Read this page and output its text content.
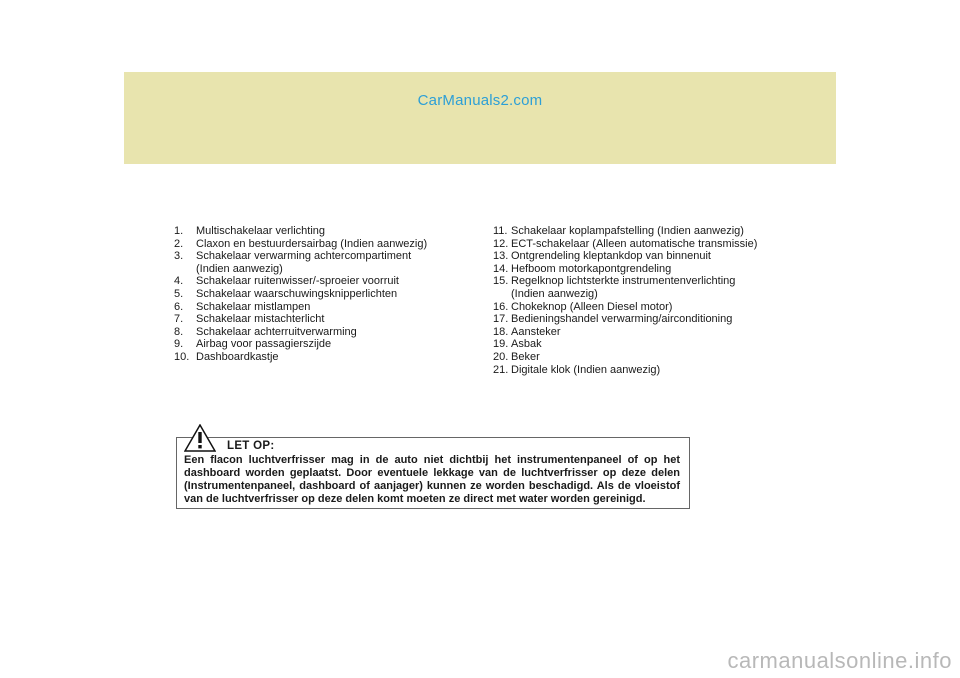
CarManuals2.com
1.	Multischakelaar verlichting
2.	Claxon en bestuurdersairbag (Indien aanwezig)
3.	Schakelaar verwarming achtercompartiment
(Indien aanwezig)
4.	Schakelaar ruitenwisser/-sproeier voorruit
5.	Schakelaar waarschuwingsknipperlichten
6.	Schakelaar mistlampen
7.	Schakelaar mistachterlicht
8.	Schakelaar achterruitverwarming
9.	Airbag voor passagierszijde
10. Dashboardkastje
11. Schakelaar koplampafstelling (Indien aanwezig)
12. ECT-schakelaar (Alleen automatische transmissie)
13. Ontgrendeling kleptankdop van binnenuit
14. Hefboom motorkapontgrendeling
15. Regelknop lichtsterkte instrumentenverlichting
(Indien aanwezig)
16. Chokeknop (Alleen Diesel motor)
17. Bedieningshandel verwarming/airconditioning
18. Aansteker
19. Asbak
20. Beker
21. Digitale klok (Indien aanwezig)
LET OP:
Een flacon luchtverfrisser mag in de auto niet dichtbij het instrumentenpaneel of op het dashboard worden geplaatst. Door eventuele lekkage van de luchtverfrisser op deze delen (Instrumentenpaneel, dashboard of aanjager) kunnen ze worden beschadigd. Als de vloeistof van de luchtverfrisser op deze delen komt moeten ze direct met water worden gereinigd.
carmanualsonline.info
